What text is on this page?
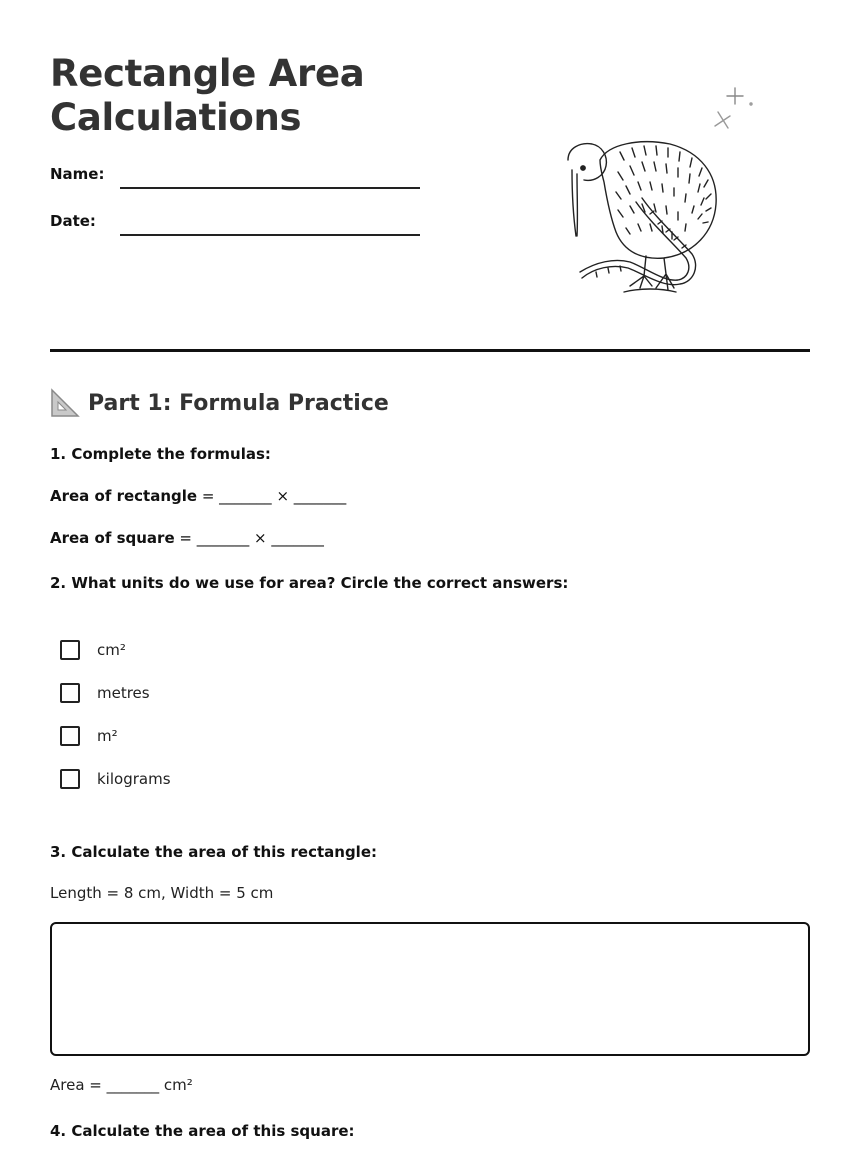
Rectangle Area
Calculations
Name:
Date:
Part 1: Formula Practice
1. Complete the formulas:
Area of rectangle = _______ × _______
Area of square = _______ × _______
2. What units do we use for area? Circle the correct answers:
cm²
metres
m²
kilograms
3. Calculate the area of this rectangle:
Length = 8 cm, Width = 5 cm
Area = _______ cm²
4. Calculate the area of this square:
